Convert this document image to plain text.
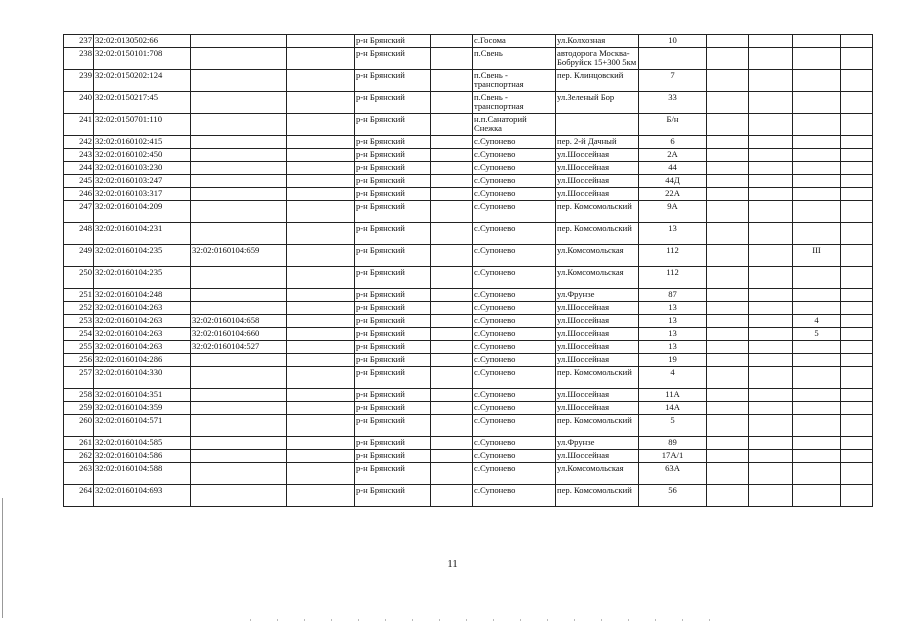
237	32:02:0130502:66			р-н Брянский		с.Госома	ул.Колхозная	10				
238	32:02:0150101:708			р-н Брянский		п.Свень	автодорога Москва-Бобруйск 15+300 5км					
239	32:02:0150202:124			р-н Брянский		п.Свень - транспортная	пер. Клинцовский	7				
240	32:02:0150217:45			р-н Брянский		п.Свень - транспортная	ул.Зеленый Бор	33				
241	32:02:0150701:110			р-н Брянский		н.п.Санаторий Снежка		Б/н				
242	32:02:0160102:415			р-н Брянский		с.Супонево	пер. 2-й Дачный	6				
243	32:02:0160102:450			р-н Брянский		с.Супонево	ул.Шоссейная	2А				
244	32:02:0160103:230			р-н Брянский		с.Супонево	ул.Шоссейная	44				
245	32:02:0160103:247			р-н Брянский		с.Супонево	ул.Шоссейная	44Д				
246	32:02:0160103:317			р-н Брянский		с.Супонево	ул.Шоссейная	22А				
247	32:02:0160104:209			р-н Брянский		с.Супонево	пер. Комсомольский	9А				
248	32:02:0160104:231			р-н Брянский		с.Супонево	пер. Комсомольский	13				
249	32:02:0160104:235	32:02:0160104:659		р-н Брянский		с.Супонево	ул.Комсомольская	112			III	
250	32:02:0160104:235			р-н Брянский		с.Супонево	ул.Комсомольская	112				
251	32:02:0160104:248			р-н Брянский		с.Супонево	ул.Фрунзе	87				
252	32:02:0160104:263			р-н Брянский		с.Супонево	ул.Шоссейная	13				
253	32:02:0160104:263	32:02:0160104:658		р-н Брянский		с.Супонево	ул.Шоссейная	13			4	
254	32:02:0160104:263	32:02:0160104:660		р-н Брянский		с.Супонево	ул.Шоссейная	13			5	
255	32:02:0160104:263	32:02:0160104:527		р-н Брянский		с.Супонево	ул.Шоссейная	13				
256	32:02:0160104:286			р-н Брянский		с.Супонево	ул.Шоссейная	19				
257	32:02:0160104:330			р-н Брянский		с.Супонево	пер. Комсомольский	4				
258	32:02:0160104:351			р-н Брянский		с.Супонево	ул.Шоссейная	11А				
259	32:02:0160104:359			р-н Брянский		с.Супонево	ул.Шоссейная	14А				
260	32:02:0160104:571			р-н Брянский		с.Супонево	пер. Комсомольский	5				
261	32:02:0160104:585			р-н Брянский		с.Супонево	ул.Фрунзе	89				
262	32:02:0160104:586			р-н Брянский		с.Супонево	ул.Шоссейная	17А/1				
263	32:02:0160104:588			р-н Брянский		с.Супонево	ул.Комсомольская	63А				
264	32:02:0160104:693			р-н Брянский		с.Супонево	пер. Комсомольский	56				
11
